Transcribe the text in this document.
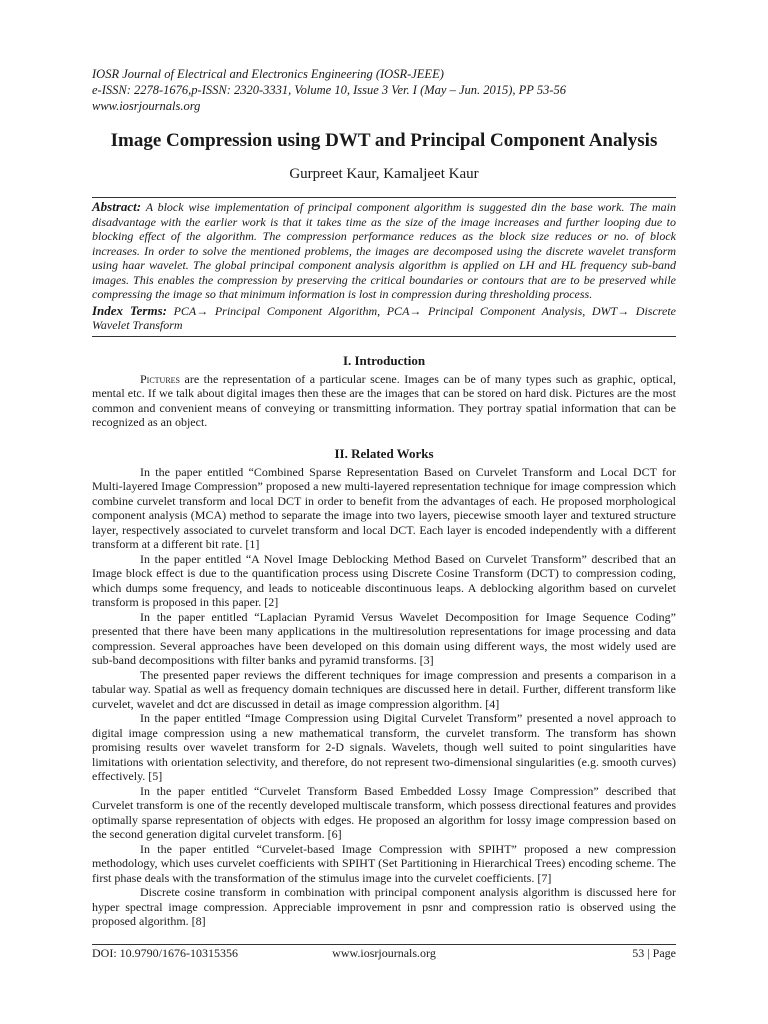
IOSR Journal of Electrical and Electronics Engineering (IOSR-JEEE)

e-ISSN: 2278-1676,p-ISSN: 2320-3331, Volume 10, Issue 3 Ver. I (May – Jun. 2015), PP 53-56

www.iosrjournals.org

Image Compression using DWT and Principal Component Analysis

Gurpreet Kaur, Kamaljeet Kaur

Abstract: A block wise implementation of principal component algorithm is suggested din the base work. The main disadvantage with the earlier work is that it takes time as the size of the image increases and further looping due to blocking effect of the algorithm. The compression performance reduces as the block size reduces or no. of block increases. In order to solve the mentioned problems, the images are decomposed using the discrete wavelet transform using haar wavelet. The global principal component analysis algorithm is applied on LH and HL frequency sub-band images. This enables the compression by preserving the critical boundaries or contours that are to be preserved while compressing the image so that minimum information is lost in compression during thresholding process.

Index Terms: PCA→ Principal Component Algorithm, PCA→ Principal Component Analysis, DWT→ Discrete Wavelet Transform

I. Introduction

Pictures are the representation of a particular scene. Images can be of many types such as graphic, optical, mental etc. If we talk about digital images then these are the images that can be stored on hard disk. Pictures are the most common and convenient means of conveying or transmitting information. They portray spatial information that can be recognized as an object.

II. Related Works

In the paper entitled “Combined Sparse Representation Based on Curvelet Transform and Local DCT for Multi-layered Image Compression” proposed a new multi-layered representation technique for image compression which combine curvelet transform and local DCT in order to benefit from the advantages of each. He proposed morphological component analysis (MCA) method to separate the image into two layers, piecewise smooth layer and textured structure layer, respectively associated to curvelet transform and local DCT. Each layer is encoded independently with a different transform at a different bit rate. [1]

In the paper entitled “A Novel Image Deblocking Method Based on Curvelet Transform” described that an Image block effect is due to the quantification process using Discrete Cosine Transform (DCT) to compression coding, which dumps some frequency, and leads to noticeable discontinuous leaps. A deblocking algorithm based on curvelet transform is proposed in this paper. [2]

In the paper entitled “Laplacian Pyramid Versus Wavelet Decomposition for Image Sequence Coding” presented that there have been many applications in the multiresolution representations for image processing and data compression. Several approaches have been developed on this domain using different ways, the most widely used are sub-band decompositions with filter banks and pyramid transforms. [3]

The presented paper reviews the different techniques for image compression and presents a comparison in a tabular way. Spatial as well as frequency domain techniques are discussed here in detail. Further, different transform like curvelet, wavelet and dct are discussed in detail as image compression algorithm. [4]

In the paper entitled “Image Compression using Digital Curvelet Transform” presented a novel approach to digital image compression using a new mathematical transform, the curvelet transform. The transform has shown promising results over wavelet transform for 2-D signals. Wavelets, though well suited to point singularities have limitations with orientation selectivity, and therefore, do not represent two-dimensional singularities (e.g. smooth curves) effectively. [5]

In the paper entitled “Curvelet Transform Based Embedded Lossy Image Compression” described that Curvelet transform is one of the recently developed multiscale transform, which possess directional features and provides optimally sparse representation of objects with edges. He proposed an algorithm for lossy image compression based on the second generation digital curvelet transform. [6]

In the paper entitled “Curvelet-based Image Compression with SPIHT” proposed a new compression methodology, which uses curvelet coefficients with SPIHT (Set Partitioning in Hierarchical Trees) encoding scheme. The first phase deals with the transformation of the stimulus image into the curvelet coefficients. [7]

Discrete cosine transform in combination with principal component analysis algorithm is discussed here for hyper spectral image compression. Appreciable improvement in psnr and compression ratio is observed using the proposed algorithm. [8]

DOI: 10.9790/1676-10315356	www.iosrjournals.org	53 | Page
